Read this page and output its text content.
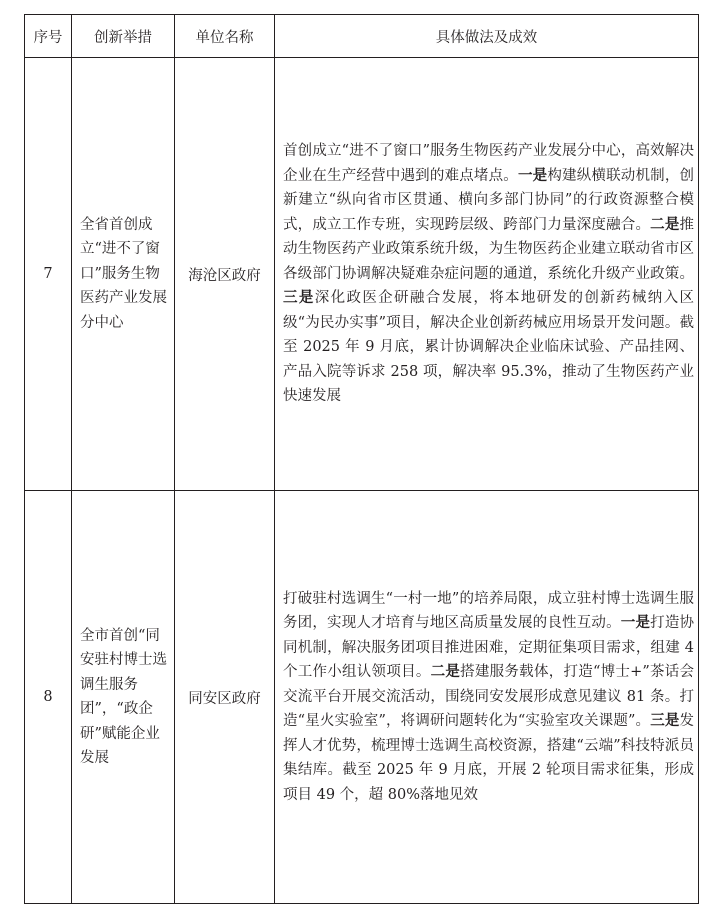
序号	创新举措	单位名称	具体做法及成效
7	全省首创成立“进不了窗口”服务生物医药产业发展分中心	海沧区政府	首创成立“进不了窗口”服务生物医药产业发展分中心，高效解决企业在生产经营中遇到的难点堵点。一是构建纵横联动机制，创新建立“纵向省市区贯通、横向多部门协同”的行政资源整合模式，成立工作专班，实现跨层级、跨部门力量深度融合。二是推动生物医药产业政策系统升级，为生物医药企业建立联动省市区各级部门协调解决疑难杂症问题的通道，系统化升级产业政策。三是深化政医企研融合发展，将本地研发的创新药械纳入区级“为民办实事”项目，解决企业创新药械应用场景开发问题。截至 2025 年 9 月底，累计协调解决企业临床试验、产品挂网、产品入院等诉求 258 项，解决率 95.3%，推动了生物医药产业快速发展
8	全市首创“同安驻村博士选调生服务团”，“政企研”赋能企业发展	同安区政府	打破驻村选调生“一村一地”的培养局限，成立驻村博士选调生服务团，实现人才培育与地区高质量发展的良性互动。一是打造协同机制，解决服务团项目推进困难，定期征集项目需求，组建 4 个工作小组认领项目。二是搭建服务载体，打造“博士+”茶话会交流平台开展交流活动，围绕同安发展形成意见建议 81 条。打造“星火实验室”，将调研问题转化为“实验室攻关课题”。三是发挥人才优势，梳理博士选调生高校资源，搭建“云端”科技特派员集结库。截至 2025 年 9 月底，开展 2 轮项目需求征集，形成项目 49 个，超 80%落地见效
